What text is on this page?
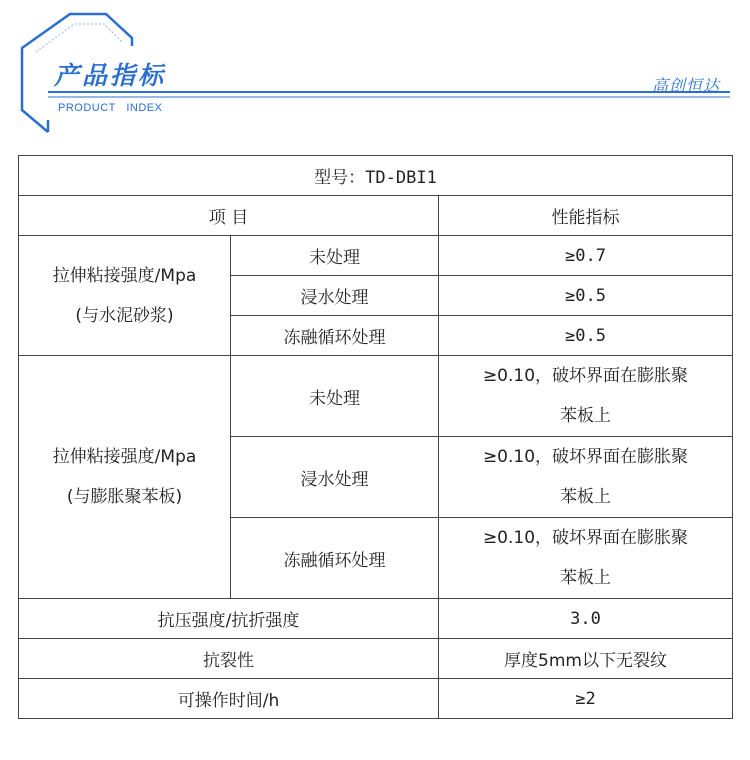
产品指标
PRODUCT   INDEX
高创恒达
型号：TD-DBI1		
项 目		性能指标

拉伸粘接强度/Mpa
(与水泥砂浆)	未处理	≥0.7
	浸水处理	≥0.5
	冻融循环处理	≥0.5

拉伸粘接强度/Mpa
(与膨胀聚苯板)	未处理	≥0.10，破坏界面在膨胀聚
苯板上

	浸水处理	≥0.10，破坏界面在膨胀聚
苯板上

	冻融循环处理	≥0.10，破坏界面在膨胀聚
苯板上

抗压强度/抗折强度		3.0
抗裂性		厚度5mm以下无裂纹
可操作时间/h		≥2
